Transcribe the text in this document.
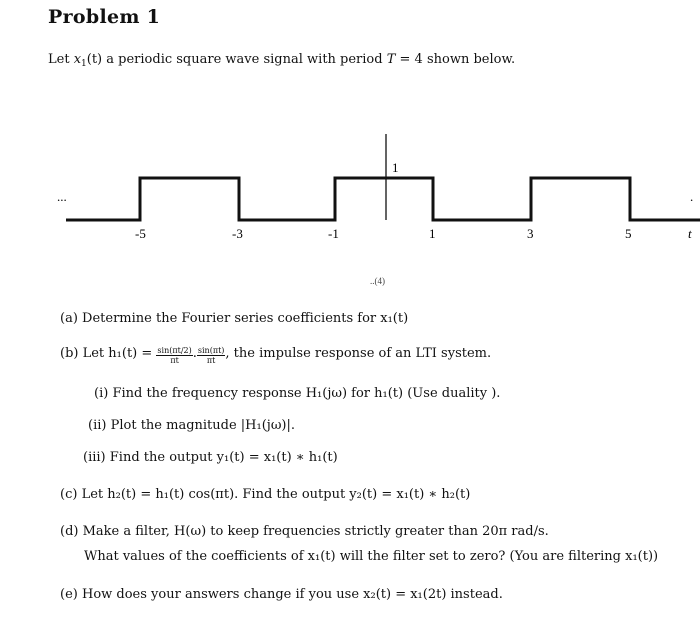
Problem 1
Let $x_1(t)$ a periodic square wave signal with period T = 4 shown below.
...	.
1
-5	-3	-1	1	3	5	t
..(4)
(a) Determine the Fourier series coefficients for x₁(t)
(b) Let $h_1(t) = \frac{\sin(\pi t/2)}{\pi t}$ . $\frac{\sin(\pi t)}{\pi t}$ , the impulse response of an LTI system.
(i) Find the frequency response H₁(jω) for h₁(t) (Use duality ).
(ii) Plot the magnitude |H₁(jω)|.
(iii) Find the output y₁(t) = x₁(t) ∗ h₁(t)
(c) Let h₂(t) = h₁(t) cos(πt). Find the output y₂(t) = x₁(t) ∗ h₂(t)
(d) Make a filter, H(ω) to keep frequencies strictly greater than 20π rad/s.
What values of the coefficients of x₁(t) will the filter set to zero? (You are filtering x₁(t))
(e) How does your answers change if you use x₂(t) = x₁(2t) instead.
